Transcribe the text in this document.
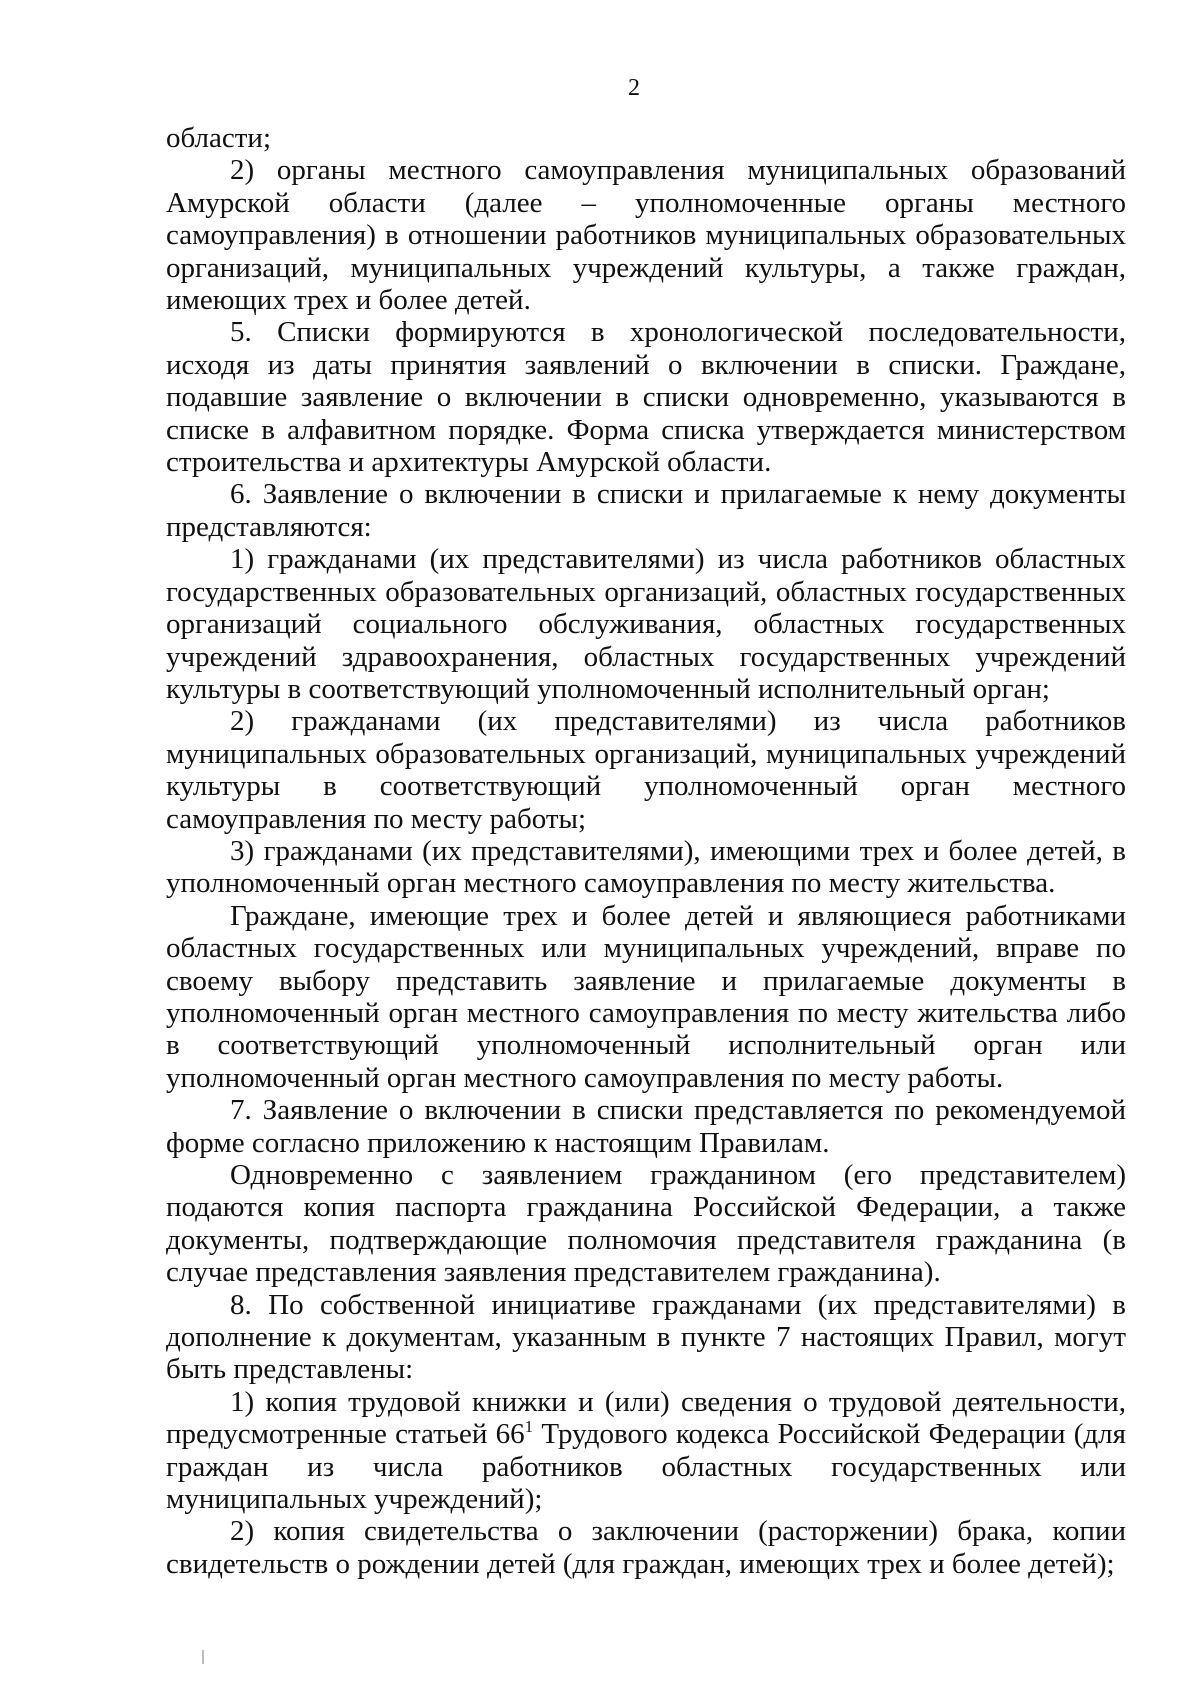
2

области;

2) органы местного самоуправления муниципальных образований Амурской области (далее – уполномоченные органы местного самоуправления) в отношении работников муниципальных образовательных организаций, муниципальных учреждений культуры, а также граждан, имеющих трех и более детей.

5. Списки формируются в хронологической последовательности, исходя из даты принятия заявлений о включении в списки. Граждане, подавшие заявление о включении в списки одновременно, указываются в списке в алфавитном порядке. Форма списка утверждается министерством строительства и архитектуры Амурской области.

6. Заявление о включении в списки и прилагаемые к нему документы представляются:

1) гражданами (их представителями) из числа работников областных государственных образовательных организаций, областных государственных организаций социального обслуживания, областных государственных учреждений здравоохранения, областных государственных учреждений культуры в соответствующий уполномоченный исполнительный орган;

2) гражданами (их представителями) из числа работников муниципальных образовательных организаций, муниципальных учреждений культуры в соответствующий уполномоченный орган местного самоуправления по месту работы;

3) гражданами (их представителями), имеющими трех и более детей, в уполномоченный орган местного самоуправления по месту жительства.

Граждане, имеющие трех и более детей и являющиеся работниками областных государственных или муниципальных учреждений, вправе по своему выбору представить заявление и прилагаемые документы в уполномоченный орган местного самоуправления по месту жительства либо в соответствующий уполномоченный исполнительный орган или уполномоченный орган местного самоуправления по месту работы.

7. Заявление о включении в списки представляется по рекомендуемой форме согласно приложению к настоящим Правилам.

Одновременно с заявлением гражданином (его представителем) подаются копия паспорта гражданина Российской Федерации, а также документы, подтверждающие полномочия представителя гражданина (в случае представления заявления представителем гражданина).

8. По собственной инициативе гражданами (их представителями) в дополнение к документам, указанным в пункте 7 настоящих Правил, могут быть представлены:

1) копия трудовой книжки и (или) сведения о трудовой деятельности, предусмотренные статьей $66^1$ Трудового кодекса Российской Федерации (для граждан из числа работников областных государственных или муниципальных учреждений);

2) копия свидетельства о заключении (расторжении) брака, копии свидетельств о рождении детей (для граждан, имеющих трех и более детей);
